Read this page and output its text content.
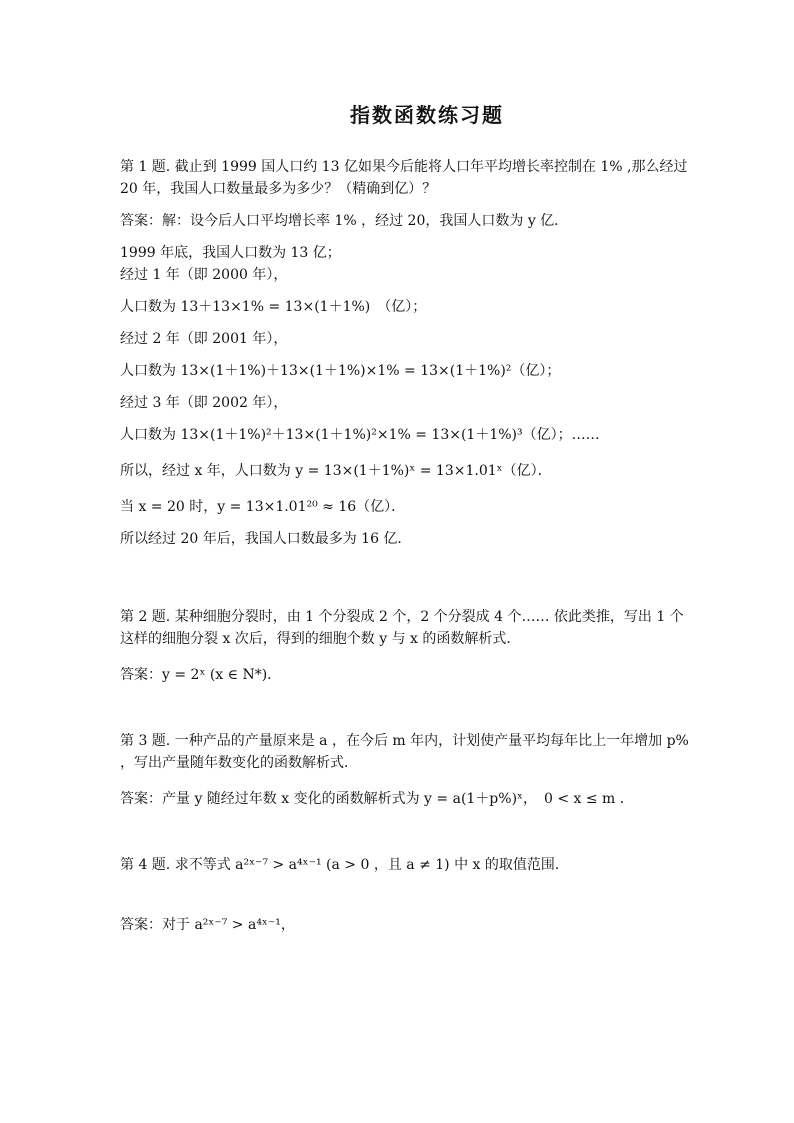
指数函数练习题
第 1 题. 截止到 1999 国人口约 13 亿如果今后能将人口年平均增长率控制在 1% ,那么经过 20 年，我国人口数量最多为多少？（精确到亿）？
答案：解：设今后人口平均增长率 1% ，经过 20，我国人口数为 y 亿．
1999 年底，我国人口数为 13 亿；
经过 1 年（即 2000 年），
人口数为 13＋13×1% = 13×(1＋1%)　（亿）；
经过 2 年（即 2001 年），
人口数为 13×(1＋1%)＋13×(1＋1%)×1% = 13×(1＋1%)²（亿）；
经过 3 年（即 2002 年），
人口数为 13×(1＋1%)²＋13×(1＋1%)²×1% = 13×(1＋1%)³（亿）；……
所以，经过 x 年，人口数为 y = 13×(1＋1%)ˣ = 13×1.01ˣ（亿）．
当 x = 20 时，y = 13×1.01²⁰ ≈ 16（亿）．
所以经过 20 年后，我国人口数最多为 16 亿．
第 2 题. 某种细胞分裂时，由 1 个分裂成 2 个，2 个分裂成 4 个…… 依此类推，写出 1 个这样的细胞分裂 x 次后，得到的细胞个数 y 与 x 的函数解析式．
答案：y = 2ˣ (x ∈ N*)．
第 3 题. 一种产品的产量原来是 a ，在今后 m 年内，计划使产量平均每年比上一年增加 p% ，写出产量随年数变化的函数解析式．
答案：产量 y 随经过年数 x 变化的函数解析式为 y = a(1＋p%)ˣ，　0 < x ≤ m ．
第 4 题. 求不等式 a²ˣ⁻⁷ > a⁴ˣ⁻¹ (a > 0 ，且 a ≠ 1) 中 x 的取值范围．
答案：对于 a²ˣ⁻⁷ > a⁴ˣ⁻¹，
